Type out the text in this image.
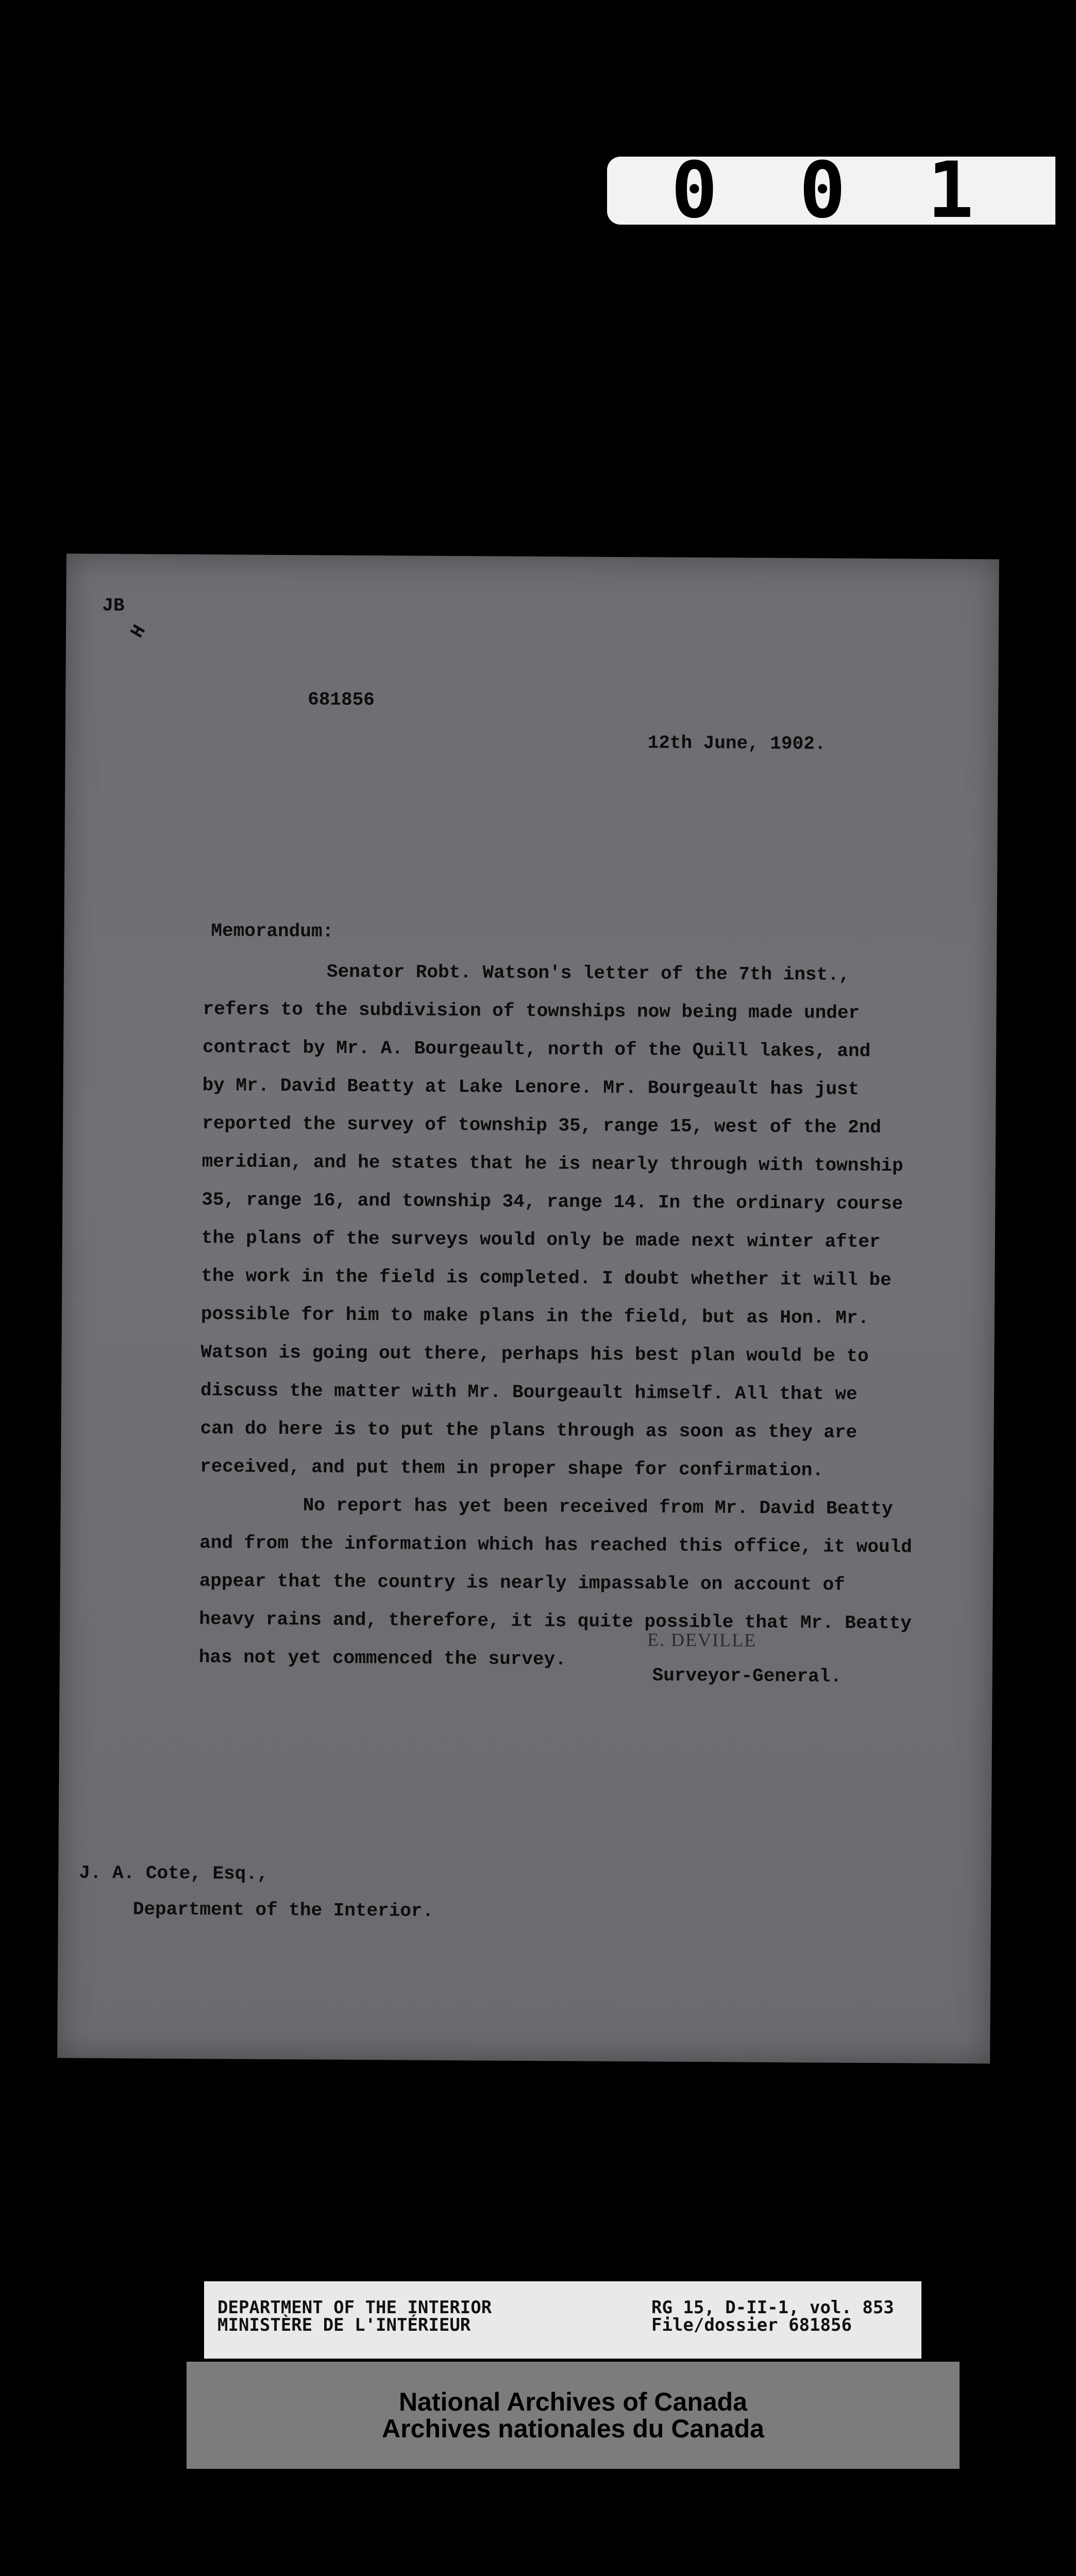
0 0 1 4 2 8
JB
H
681856
12th June, 1902.
Memorandum:
Senator Robt. Watson's letter of the 7th inst.,
refers to the subdivision of townships now being made under
contract by Mr. A. Bourgeault, north of the Quill lakes, and
by Mr. David Beatty at Lake Lenore. Mr. Bourgeault has just
reported the survey of township 35, range 15, west of the 2nd
meridian, and he states that he is nearly through with township
35, range 16, and township 34, range 14. In the ordinary course
the plans of the surveys would only be made next winter after
the work in the field is completed. I doubt whether it will be
possible for him to make plans in the field, but as Hon. Mr.
Watson is going out there, perhaps his best plan would be to
discuss the matter with Mr. Bourgeault himself. All that we
can do here is to put the plans through as soon as they are
received, and put them in proper shape for confirmation.
No report has yet been received from Mr. David Beatty
and from the information which has reached this office, it would
appear that the country is nearly impassable on account of
heavy rains and, therefore, it is quite possible that Mr. Beatty
has not yet commenced the survey.
E. DEVILLE
Surveyor-General.
J. A. Cote, Esq.,
Department of the Interior.
DEPARTMENT OF THE INTERIOR
MINISTÈRE DE L'INTÉRIEUR
RG 15, D-II-1, vol. 853
File/dossier 681856
National Archives of Canada
Archives nationales du Canada
